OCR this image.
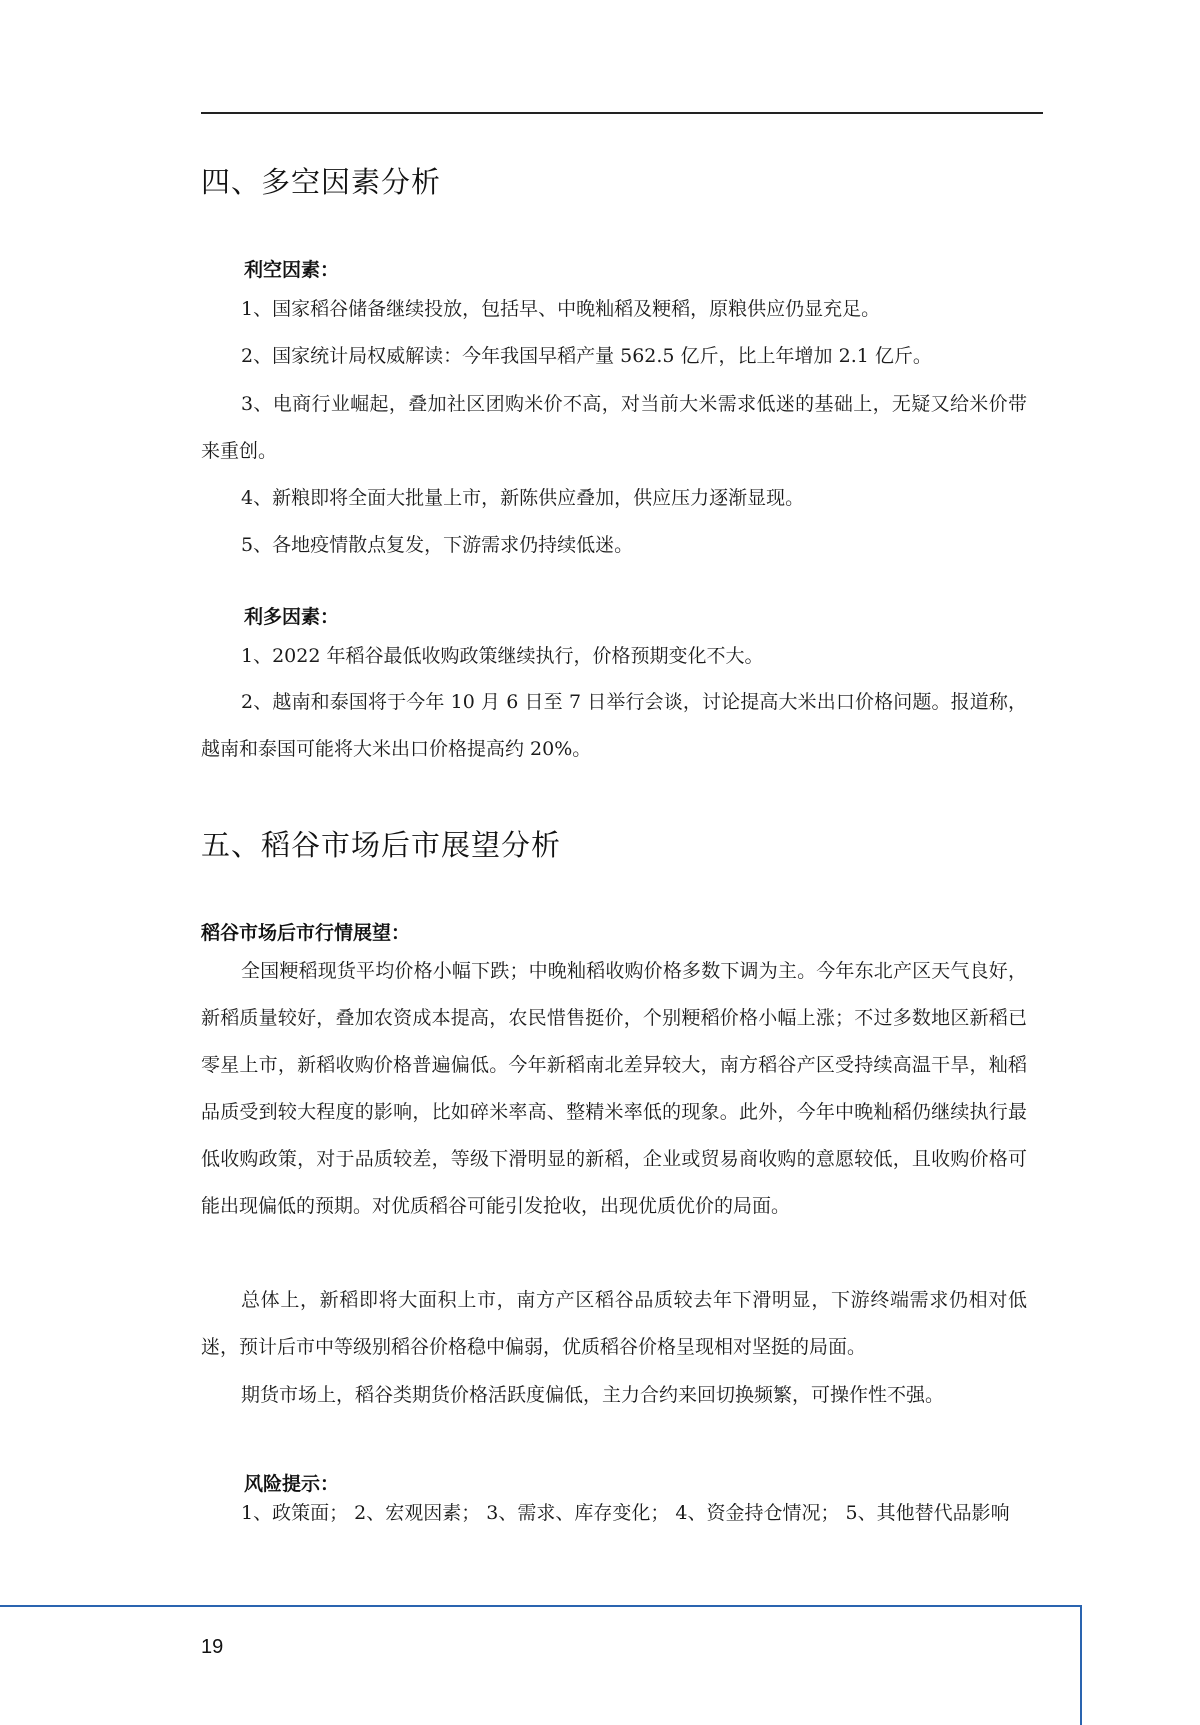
四、多空因素分析
利空因素：

1、国家稻谷储备继续投放，包括早、中晚籼稻及粳稻，原粮供应仍显充足。

2、国家统计局权威解读：今年我国早稻产量 562.5 亿斤，比上年增加 2.1 亿斤。

3、电商行业崛起，叠加社区团购米价不高，对当前大米需求低迷的基础上，无疑又给米价带来重创。

4、新粮即将全面大批量上市，新陈供应叠加，供应压力逐渐显现。

5、各地疫情散点复发，下游需求仍持续低迷。

利多因素：

1、2022 年稻谷最低收购政策继续执行，价格预期变化不大。

2、越南和泰国将于今年 10 月 6 日至 7 日举行会谈，讨论提高大米出口价格问题。报道称，越南和泰国可能将大米出口价格提高约 20%。

五、稻谷市场后市展望分析
稻谷市场后市行情展望：

全国粳稻现货平均价格小幅下跌；中晚籼稻收购价格多数下调为主。今年东北产区天气良好，新稻质量较好，叠加农资成本提高，农民惜售挺价，个别粳稻价格小幅上涨；不过多数地区新稻已零星上市，新稻收购价格普遍偏低。今年新稻南北差异较大，南方稻谷产区受持续高温干旱，籼稻品质受到较大程度的影响，比如碎米率高、整精米率低的现象。此外，今年中晚籼稻仍继续执行最低收购政策，对于品质较差，等级下滑明显的新稻，企业或贸易商收购的意愿较低，且收购价格可能出现偏低的预期。对优质稻谷可能引发抢收，出现优质优价的局面。

总体上，新稻即将大面积上市，南方产区稻谷品质较去年下滑明显，下游终端需求仍相对低迷，预计后市中等级别稻谷价格稳中偏弱，优质稻谷价格呈现相对坚挺的局面。

期货市场上，稻谷类期货价格活跃度偏低，主力合约来回切换频繁，可操作性不强。

风险提示：

1、政策面； 2、宏观因素； 3、需求、库存变化； 4、资金持仓情况； 5、其他替代品影响

19
